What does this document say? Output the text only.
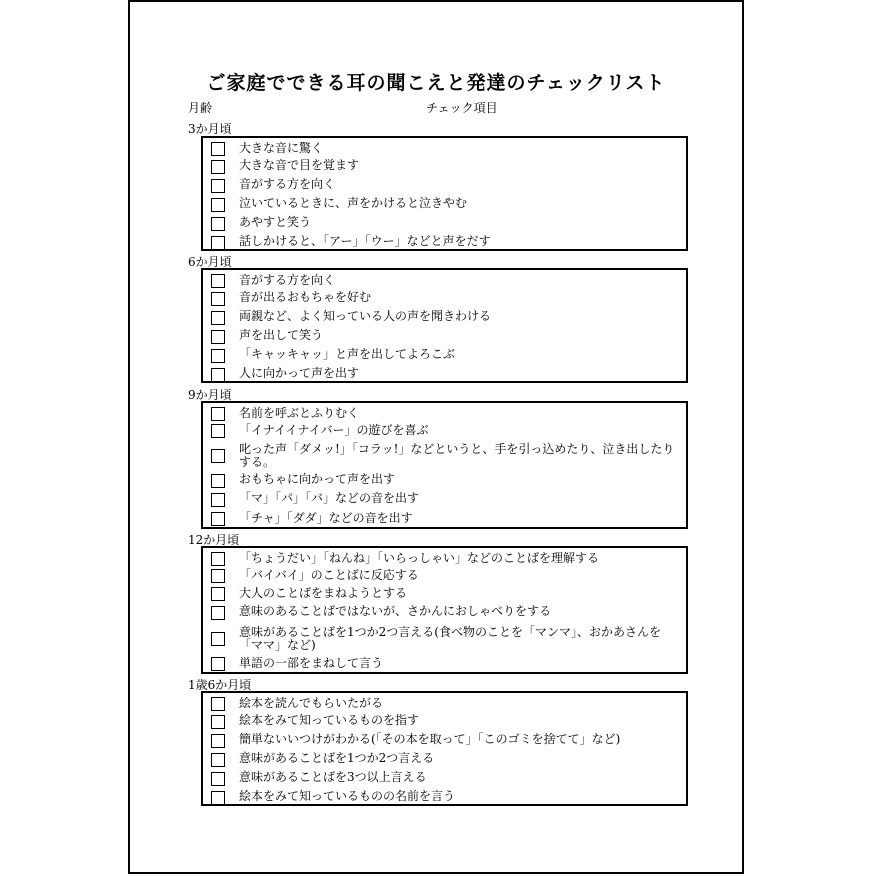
ご家庭でできる耳の聞こえと発達のチェックリスト
月齢	チェック項目
3か月頃
大きな音に驚く
大きな音で目を覚ます
音がする方を向く
泣いているときに、声をかけると泣きやむ
あやすと笑う
話しかけると、「アー」「ウー」などと声をだす
6か月頃
音がする方を向く
音が出るおもちゃを好む
両親など、よく知っている人の声を聞きわける
声を出して笑う
「キャッキャッ」と声を出してよろこぶ
人に向かって声を出す
9か月頃
名前を呼ぶとふりむく
「イナイイナイバー」の遊びを喜ぶ
叱った声「ダメッ!」「コラッ!」などというと、手を引っ込めたり、泣き出したりする。
おもちゃに向かって声を出す
「マ」「パ」「バ」などの音を出す
「チャ」「ダダ」などの音を出す
12か月頃
「ちょうだい」「ねんね」「いらっしゃい」などのことばを理解する
「バイバイ」のことばに反応する
大人のことばをまねようとする
意味のあることばではないが、さかんにおしゃべりをする
意味があることばを1つか2つ言える(食べ物のことを「マンマ」、おかあさんを「ママ」など)
単語の一部をまねして言う
1歳6か月頃
絵本を読んでもらいたがる
絵本をみて知っているものを指す
簡単ないいつけがわかる(「その本を取って」「このゴミを捨てて」など)
意味があることばを1つか2つ言える
意味があることばを3つ以上言える
絵本をみて知っているものの名前を言う
